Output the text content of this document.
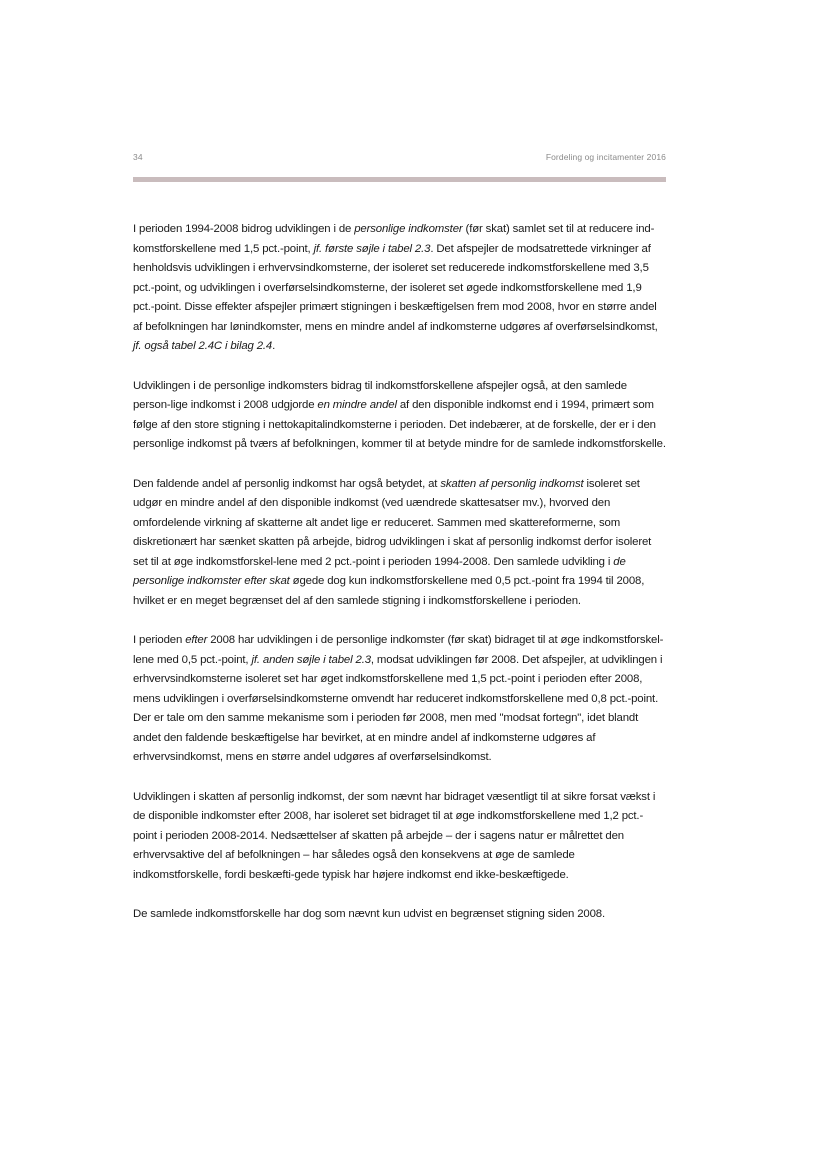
34	Fordeling og incitamenter 2016

I perioden 1994-2008 bidrog udviklingen i de personlige indkomster (før skat) samlet set til at reducere ind-komstforskellene med 1,5 pct.-point, jf. første søjle i tabel 2.3. Det afspejler de modsatrettede virkninger af henholdsvis udviklingen i erhvervsindkomsterne, der isoleret set reducerede indkomstforskellene med 3,5 pct.-point, og udviklingen i overførselsindkomsterne, der isoleret set øgede indkomstforskellene med 1,9 pct.-point. Disse effekter afspejler primært stigningen i beskæftigelsen frem mod 2008, hvor en større andel af befolkningen har lønindkomster, mens en mindre andel af indkomsterne udgøres af overførselsindkomst, jf. også tabel 2.4C i bilag 2.4.

Udviklingen i de personlige indkomsters bidrag til indkomstforskellene afspejler også, at den samlede person-lige indkomst i 2008 udgjorde en mindre andel af den disponible indkomst end i 1994, primært som følge af den store stigning i nettokapitalindkomsterne i perioden. Det indebærer, at de forskelle, der er i den personlige indkomst på tværs af befolkningen, kommer til at betyde mindre for de samlede indkomstforskelle.

Den faldende andel af personlig indkomst har også betydet, at skatten af personlig indkomst isoleret set udgør en mindre andel af den disponible indkomst (ved uændrede skattesatser mv.), hvorved den omfordelende virkning af skatterne alt andet lige er reduceret. Sammen med skattereformerne, som diskretionært har sænket skatten på arbejde, bidrog udviklingen i skat af personlig indkomst derfor isoleret set til at øge indkomstforskel-lene med 2 pct.-point i perioden 1994-2008. Den samlede udvikling i de personlige indkomster efter skat øgede dog kun indkomstforskellene med 0,5 pct.-point fra 1994 til 2008, hvilket er en meget begrænset del af den samlede stigning i indkomstforskellene i perioden.

I perioden efter 2008 har udviklingen i de personlige indkomster (før skat) bidraget til at øge indkomstforskel-lene med 0,5 pct.-point, jf. anden søjle i tabel 2.3, modsat udviklingen før 2008. Det afspejler, at udviklingen i erhvervsindkomsterne isoleret set har øget indkomstforskellene med 1,5 pct.-point i perioden efter 2008, mens udviklingen i overførselsindkomsterne omvendt har reduceret indkomstforskellene med 0,8 pct.-point. Der er tale om den samme mekanisme som i perioden før 2008, men med "modsat fortegn", idet blandt andet den faldende beskæftigelse har bevirket, at en mindre andel af indkomsterne udgøres af erhvervsindkomst, mens en større andel udgøres af overførselsindkomst.

Udviklingen i skatten af personlig indkomst, der som nævnt har bidraget væsentligt til at sikre forsat vækst i de disponible indkomster efter 2008, har isoleret set bidraget til at øge indkomstforskellene med 1,2 pct.-point i perioden 2008-2014. Nedsættelser af skatten på arbejde – der i sagens natur er målrettet den erhvervsaktive del af befolkningen – har således også den konsekvens at øge de samlede indkomstforskelle, fordi beskæfti-gede typisk har højere indkomst end ikke-beskæftigede.

De samlede indkomstforskelle har dog som nævnt kun udvist en begrænset stigning siden 2008.
